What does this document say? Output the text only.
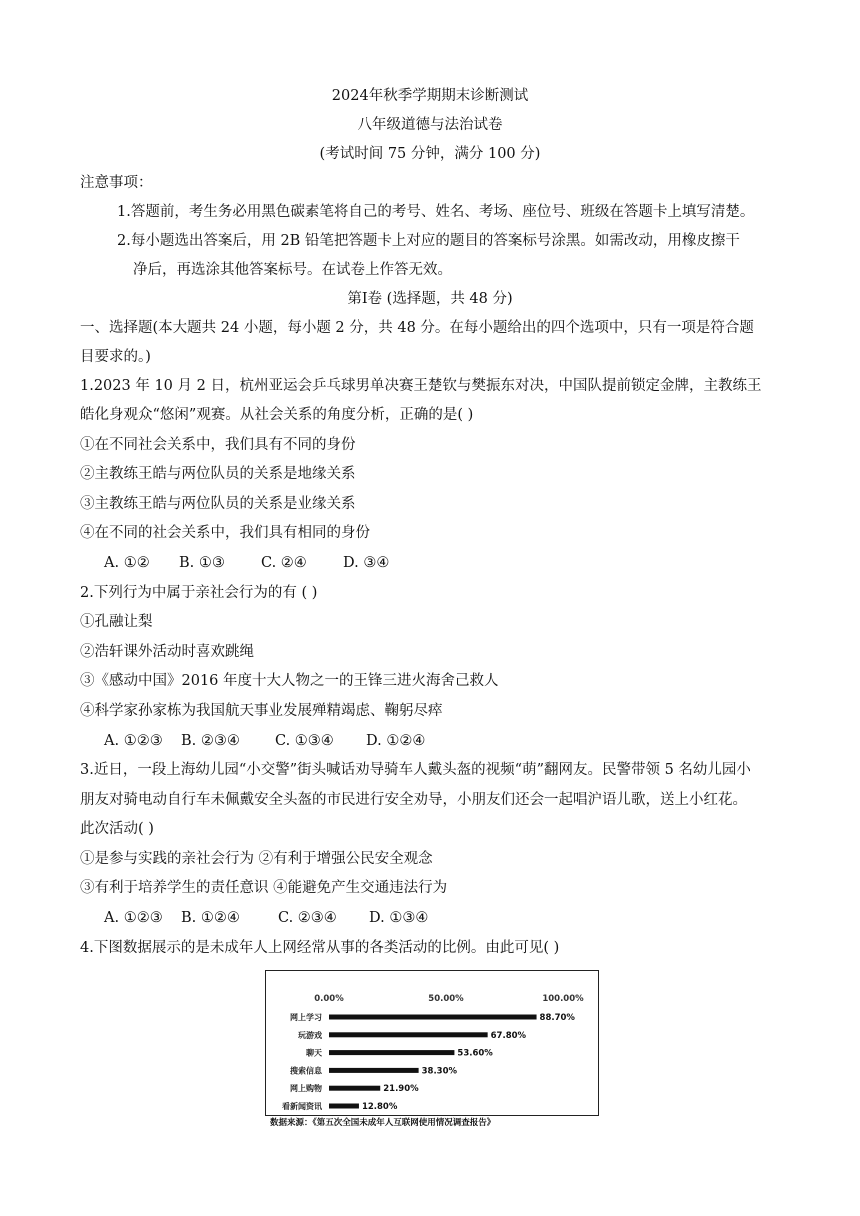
2024年秋季学期期末诊断测试
八年级道德与法治试卷
(考试时间 75 分钟，满分 100 分)
注意事项：
1.答题前，考生务必用黑色碳素笔将自己的考号、姓名、考场、座位号、班级在答题卡上填写清楚。
2.每小题选出答案后，用 2B 铅笔把答题卡上对应的题目的答案标号涂黑。如需改动，用橡皮擦干
净后，再选涂其他答案标号。在试卷上作答无效。
第Ⅰ卷 (选择题，共 48 分)
一、选择题(本大题共 24 小题，每小题 2 分，共 48 分。在每小题给出的四个选项中，只有一项是符合题
目要求的。)
1.2023 年 10 月 2 日，杭州亚运会乒乓球男单决赛王楚钦与樊振东对决，中国队提前锁定金牌，主教练王
皓化身观众“悠闲”观赛。从社会关系的角度分析，正确的是( )
①在不同社会关系中，我们具有不同的身份
②主教练王皓与两位队员的关系是地缘关系
③主教练王皓与两位队员的关系是业缘关系
④在不同的社会关系中，我们具有相同的身份
A. ①② B. ①③ C. ②④ D. ③④
2.下列行为中属于亲社会行为的有 ( )
①孔融让梨
②浩轩课外活动时喜欢跳绳
③《感动中国》2016 年度十大人物之一的王锋三进火海舍己救人
④科学家孙家栋为我国航天事业发展殚精竭虑、鞠躬尽瘁
A. ①②③ B. ②③④ C. ①③④ D. ①②④
3.近日，一段上海幼儿园“小交警”街头喊话劝导骑车人戴头盔的视频“萌”翻网友。民警带领 5 名幼儿园小
朋友对骑电动自行车未佩戴安全头盔的市民进行安全劝导，小朋友们还会一起唱沪语儿歌，送上小红花。
此次活动( )
①是参与实践的亲社会行为 ②有利于增强公民安全观念
③有利于培养学生的责任意识 ④能避免产生交通违法行为
A. ①②③ B. ①②④	C. ②③④ D. ①③④
4.下图数据展示的是未成年人上网经常从事的各类活动的比例。由此可见( )
0.00%	50.00%	100.00%
网上学习	88.70%
玩游戏	67.80%
聊天	53.60%
搜索信息	38.30%
网上购物	21.90%
看新闻资讯	12.80%
数据来源：《第五次全国未成年人互联网使用情况调查报告》
